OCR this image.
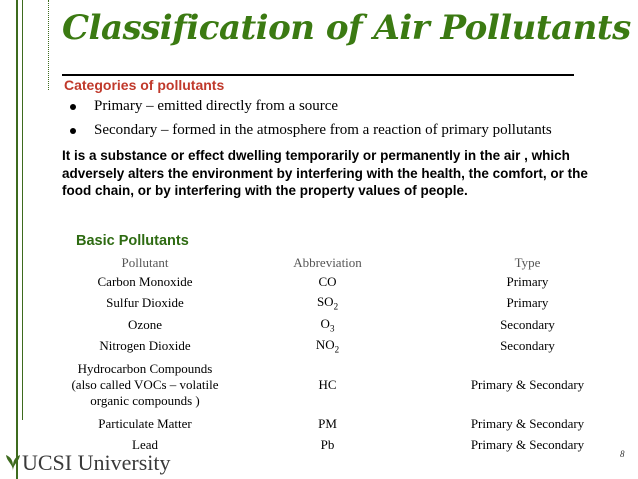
Classification of Air Pollutants
Categories of pollutants
Primary – emitted directly from a source
Secondary – formed in the atmosphere from a reaction of primary pollutants
It is a substance or effect dwelling temporarily or permanently in the air , which adversely alters the environment by interfering with the health, the comfort, or the food chain, or by interfering with the property values of people.
Basic Pollutants
Pollutant	Abbreviation	Type
Carbon Monoxide	CO	Primary
Sulfur Dioxide	$SO_2$	Primary
Ozone	$O_3$	Secondary
Nitrogen Dioxide	$NO_2$	Secondary
Hydrocarbon Compounds (also called VOCs – volatile organic compounds )	HC	Primary & Secondary
Particulate Matter	PM	Primary & Secondary
Lead	Pb	Primary & Secondary
UCSI University	8
